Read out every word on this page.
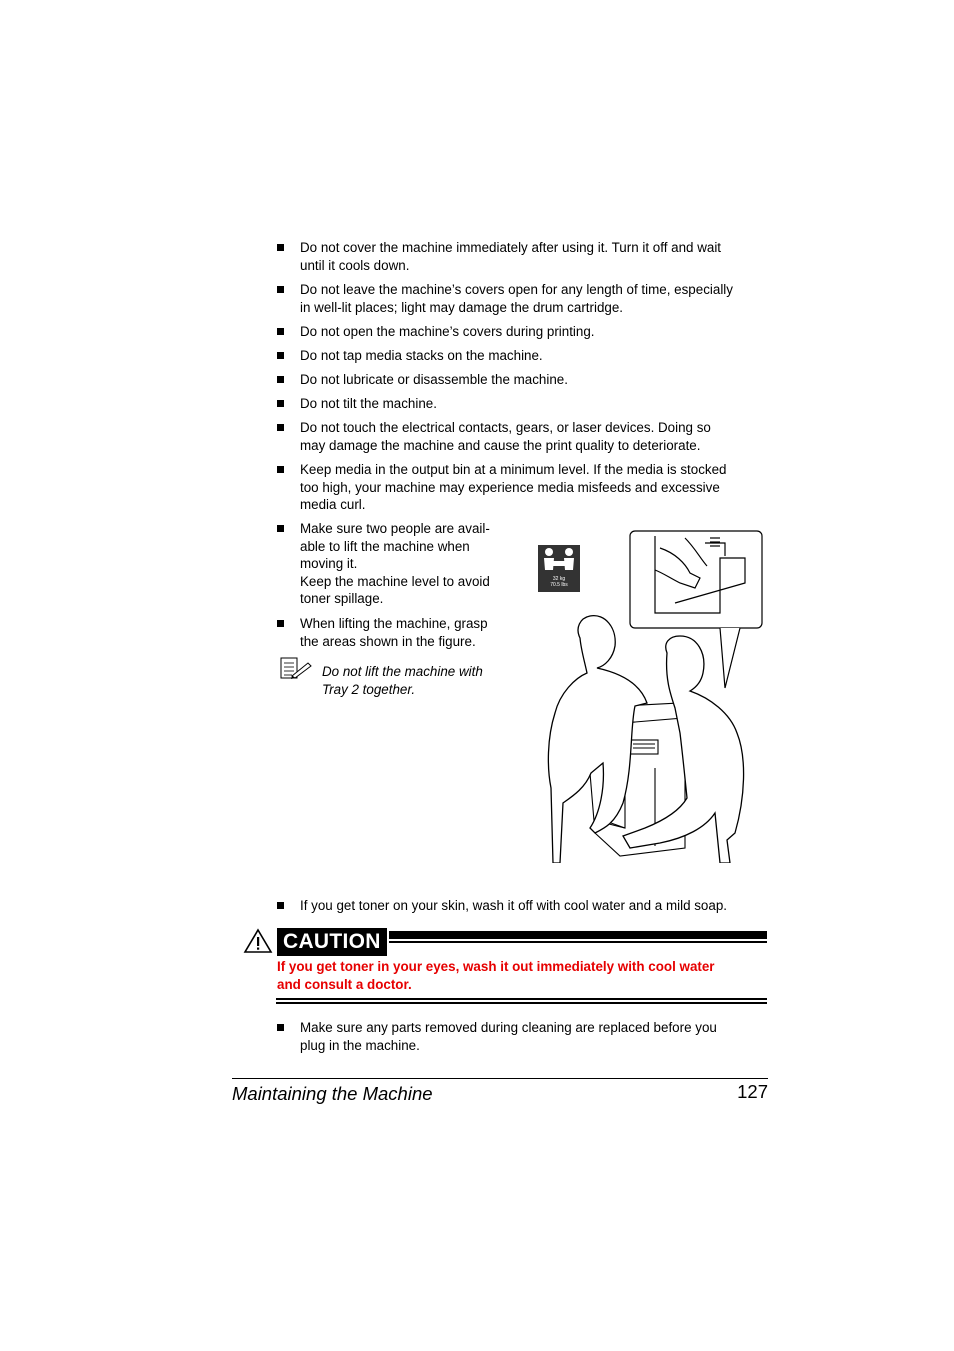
Do not cover the machine immediately after using it. Turn it off and wait
until it cools down.
Do not leave the machine’s covers open for any length of time, especially
in well-lit places; light may damage the drum cartridge.
Do not open the machine’s covers during printing.
Do not tap media stacks on the machine.
Do not lubricate or disassemble the machine.
Do not tilt the machine.
Do not touch the electrical contacts, gears, or laser devices. Doing so
may damage the machine and cause the print quality to deteriorate.
Keep media in the output bin at a minimum level. If the media is stocked
too high, your machine may experience media misfeeds and excessive
media curl.
Make sure two people are avail-
able to lift the machine when
moving it.
Keep the machine level to avoid
toner spillage.
When lifting the machine, grasp
the areas shown in the figure.
Do not lift the machine with
Tray 2 together.
32 kg
70.5 lbs
If you get toner on your skin, wash it off with cool water and a mild soap.
CAUTION
If you get toner in your eyes, wash it out immediately with cool water
and consult a doctor.
Make sure any parts removed during cleaning are replaced before you
plug in the machine.
Maintaining the Machine	127
